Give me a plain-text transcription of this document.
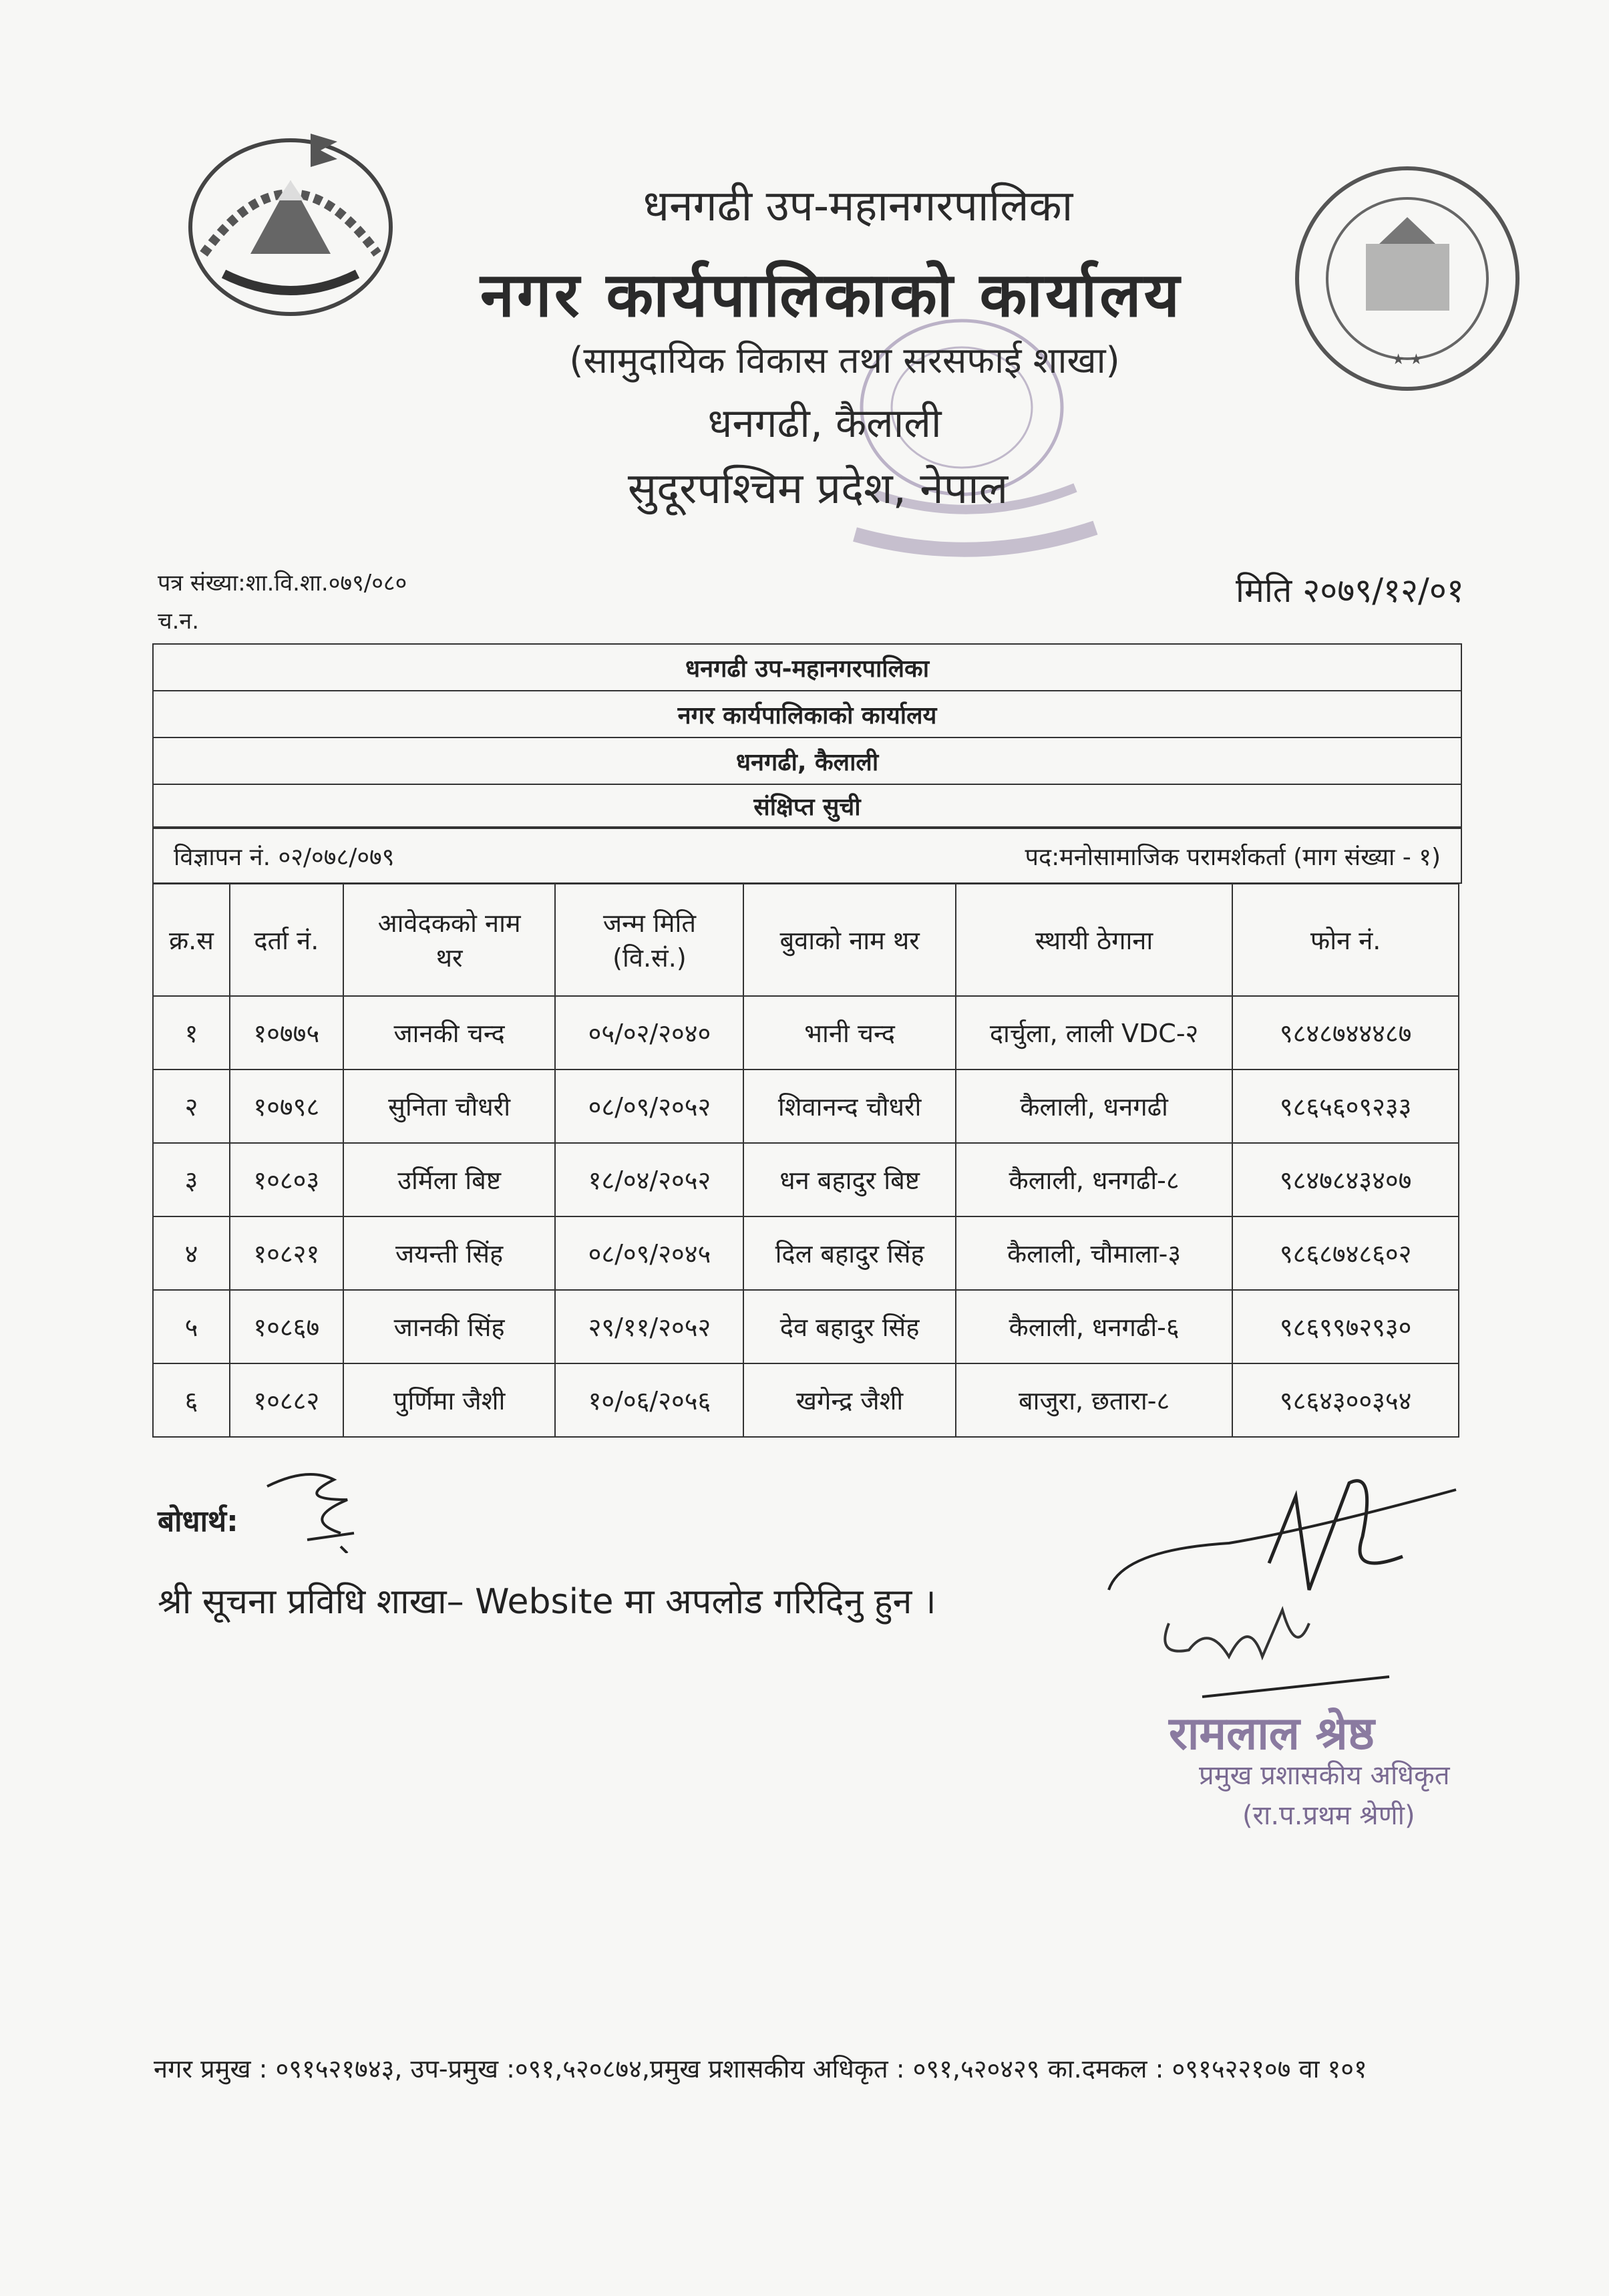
★ ★
धनगढी उप-महानगरपालिका
नगर कार्यपालिकाको कार्यालय
(सामुदायिक विकास तथा सरसफाई शाखा)
धनगढी, कैलाली
सुदूरपश्चिम प्रदेश, नेपाल
पत्र संख्या:शा.वि.शा.०७९/०८०
च.न.
मिति २०७९/१२/०१
धनगढी उप-महानगरपालिका
नगर कार्यपालिकाको कार्यालय
धनगढी, कैलाली
संक्षिप्त सुची
विज्ञापन नं. ०२/०७८/०७९	पद:मनोसामाजिक परामर्शकर्ता (माग संख्या - १)
क्र.स	दर्ता नं.	आवेदकको नाम थर	जन्म मिति (वि.सं.)	बुवाको नाम थर	स्थायी ठेगाना	फोन नं.
१	१०७७५	जानकी चन्द	०५/०२/२०४०	भानी चन्द	दार्चुला, लाली VDC-२	९८४८७४४४८७
२	१०७९८	सुनिता चौधरी	०८/०९/२०५२	शिवानन्द चौधरी	कैलाली, धनगढी	९८६५६०९२३३
३	१०८०३	उर्मिला बिष्ट	१८/०४/२०५२	धन बहादुर बिष्ट	कैलाली, धनगढी-८	९८४७८४३४०७
४	१०८२१	जयन्ती सिंह	०८/०९/२०४५	दिल बहादुर सिंह	कैलाली, चौमाला-३	९८६८७४८६०२
५	१०८६७	जानकी सिंह	२९/११/२०५२	देव बहादुर सिंह	कैलाली, धनगढी-६	९८६९९७२९३०
६	१०८८२	पुर्णिमा जैशी	१०/०६/२०५६	खगेन्द्र जैशी	बाजुरा, छतारा-८	९८६४३००३५४
बोधार्थ:
श्री सूचना प्रविधि शाखा– Website मा अपलोड गरिदिनु हुन ।
रामलाल श्रेष्ठ
प्रमुख प्रशासकीय अधिकृत
(रा.प.प्रथम श्रेणी)
नगर प्रमुख : ०९१५२१७४३, उप-प्रमुख :०९१,५२०८७४,प्रमुख प्रशासकीय अधिकृत : ०९१,५२०४२९ का.दमकल : ०९१५२२१०७ वा १०१
